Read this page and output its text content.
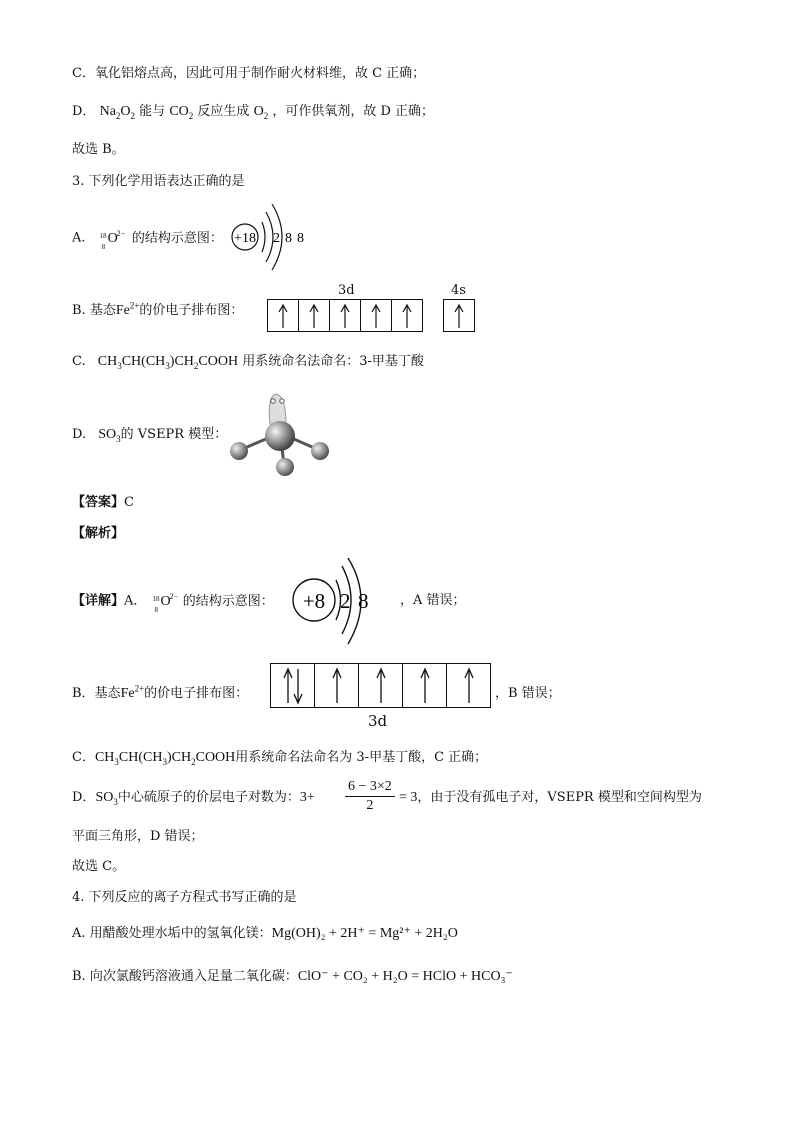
C．氧化铝熔点高，因此可用于制作耐火材料维，故 C 正确；
D． $Na_2O_2$ 能与 $CO_2$ 反应生成 $O_2$ ，可作供氧剂，故 D 正确；
故选 B。
3. 下列化学用语表达正确的是
A. 18
8
O
2− 的结构示意图： +18 2 8 8
B. 基态$Fe^{2+}$的价电子排布图：
3d	4s
C. $CH_3CH(CH_3)CH_2COOH$ 用系统命名法命名：3-甲基丁酸
D. $SO_3$的 VSEPR 模型：
【答案】C
【解析】
【详解】A． 18
8
O
2− 的结构示意图： +8 2 8 ，A 错误；
B．基态$Fe^{2+}$的价电子排布图：	，B 错误；
3d
C．$CH_3CH(CH_3)CH_2COOH$用系统命名法命名为 3-甲基丁酸，C 正确；
D．$SO_3$中心硫原子的价层电子对数为：$3+ \frac{6 - 3\times 2}{2} = 3$，由于没有孤电子对，VSEPR 模型和空间构型为
平面三角形，D 错误；
故选 C。
4. 下列反应的离子方程式书写正确的是
A. 用醋酸处理水垢中的氢氧化镁：Mg(OH)₂ + 2H⁺ = Mg²⁺ + 2H₂O
B. 向次氯酸钙溶液通入足量二氧化碳：ClO⁻ + CO₂ + H₂O = HClO + HCO₃⁻
